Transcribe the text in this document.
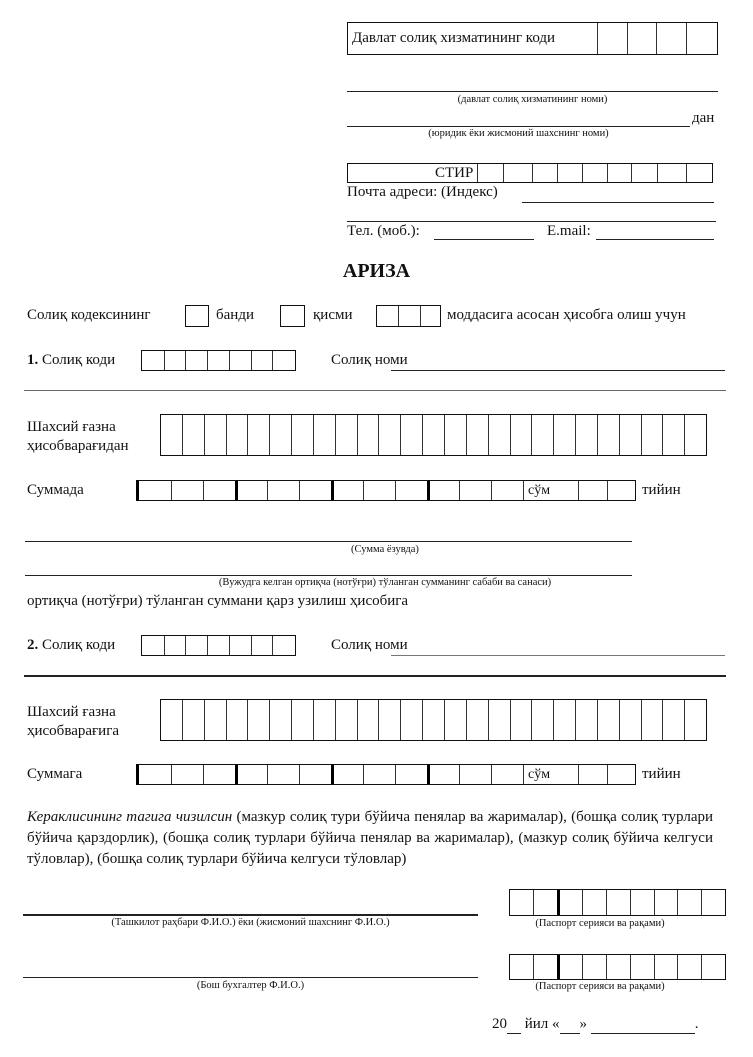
Давлат солиқ хизматининг коди
(давлат солиқ хизматининг номи)
дан
(юридик ёки жисмоний шахснинг номи)
СТИР
Почта адреси: (Индекс)
Тел. (моб.):	E.mail:
АРИЗА
Солиқ кодексининг	банди	қисми	моддасига асосан ҳисобга олиш учун
1. Солиқ коди	Солиқ номи
Шахсий ғазна
ҳисобварағидан
Суммада	сўм	тийин
(Сумма ёзувда)
(Вужудга келган ортиқча (нотўғри) тўланган сумманинг сабаби ва санаси)
ортиқча (нотўғри) тўланган суммани қарз узилиш ҳисобига
2. Солиқ коди	Солиқ номи
Шахсий ғазна
ҳисобварағига
Суммага	сўм	тийин
Кераклисининг тагига чизилсин (мазкур солиқ тури бўйича пенялар ва жарималар), (бошқа солиқ турлари бўйича қарздорлик), (бошқа солиқ турлари бўйича пенялар ва жарималар), (мазкур солиқ бўйича келгуси тўловлар), (бошқа солиқ турлари бўйича келгуси тўловлар)
(Ташкилот раҳбари Ф.И.О.) ёки (жисмоний шахснинг Ф.И.О.)	(Паспорт серияси ва рақами)
(Бош бухгалтер Ф.И.О.)	(Паспорт серияси ва рақами)
20 йил « »	.
